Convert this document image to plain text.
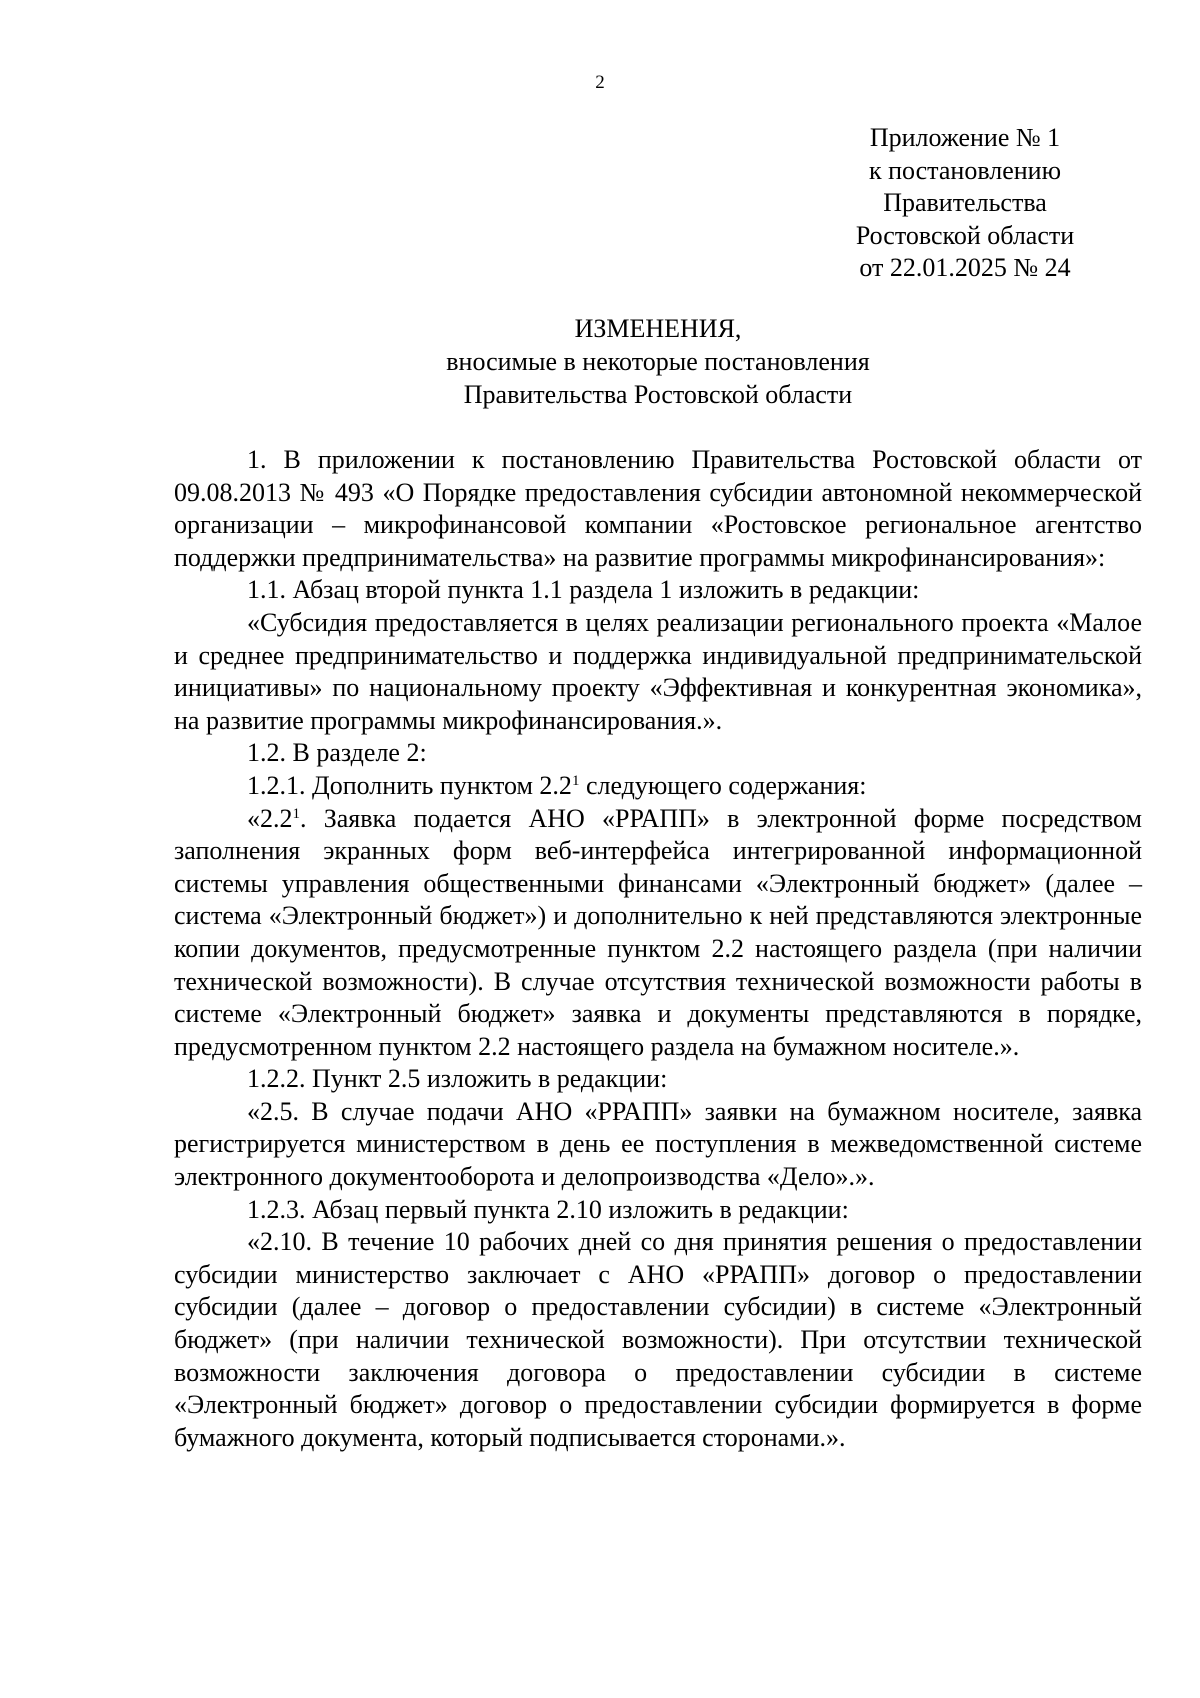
2
Приложение № 1
к постановлению
Правительства
Ростовской области
от 22.01.2025 № 24
ИЗМЕНЕНИЯ,
вносимые в некоторые постановления
Правительства Ростовской области

1. В приложении к постановлению Правительства Ростовской области от 09.08.2013 № 493 «О Порядке предоставления субсидии автономной некоммерческой организации – микрофинансовой компании «Ростовское региональное агентство поддержки предпринимательства» на развитие программы микрофинансирования»:

1.1. Абзац второй пункта 1.1 раздела 1 изложить в редакции:

«Субсидия предоставляется в целях реализации регионального проекта «Малое и среднее предпринимательство и поддержка индивидуальной предпринимательской инициативы» по национальному проекту «Эффективная и конкурентная экономика», на развитие программы микрофинансирования.».

1.2. В разделе 2:

1.2.1. Дополнить пунктом $2.2^1$ следующего содержания:

«$2.2^1$. Заявка подается АНО «РРАПП» в электронной форме посредством заполнения экранных форм веб-интерфейса интегрированной информационной системы управления общественными финансами «Электронный бюджет» (далее – система «Электронный бюджет») и дополнительно к ней представляются электронные копии документов, предусмотренные пунктом 2.2 настоящего раздела (при наличии технической возможности). В случае отсутствия технической возможности работы в системе «Электронный бюджет» заявка и документы представляются в порядке, предусмотренном пунктом 2.2 настоящего раздела на бумажном носителе.».

1.2.2. Пункт 2.5 изложить в редакции:

«2.5. В случае подачи АНО «РРАПП» заявки на бумажном носителе, заявка регистрируется министерством в день ее поступления в межведомственной системе электронного документооборота и делопроизводства «Дело».».

1.2.3. Абзац первый пункта 2.10 изложить в редакции:

«2.10. В течение 10 рабочих дней со дня принятия решения о предоставлении субсидии министерство заключает с АНО «РРАПП» договор о предоставлении субсидии (далее – договор о предоставлении субсидии) в системе «Электронный бюджет» (при наличии технической возможности). При отсутствии технической возможности заключения договора о предоставлении субсидии в системе «Электронный бюджет» договор о предоставлении субсидии формируется в форме бумажного документа, который подписывается сторонами.».
